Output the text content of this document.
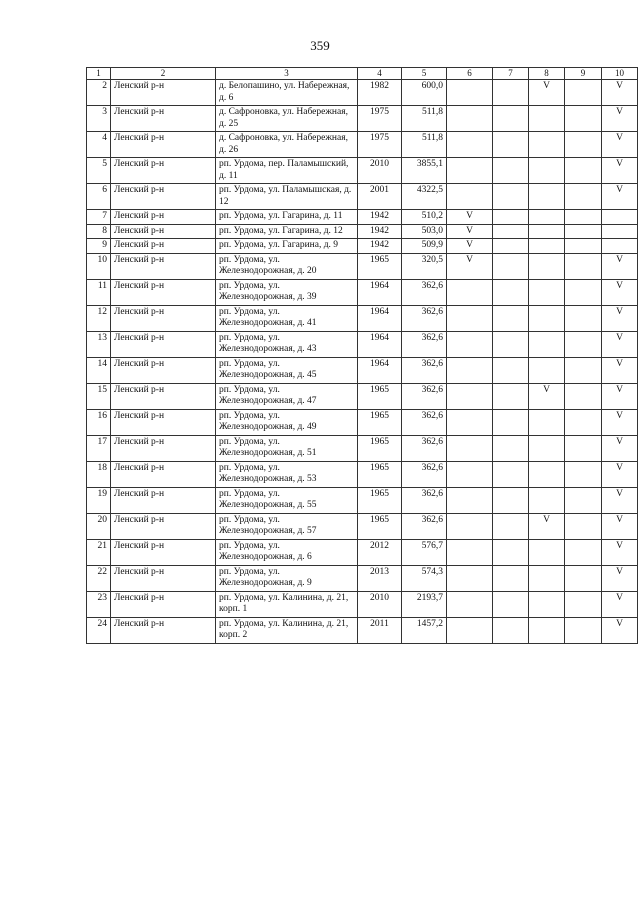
359
1	2	3	4	5	6	7	8	9	10
2	Ленский р-н	д. Белопашино, ул. Набережная, д. 6	1982	600,0			V		V
3	Ленский р-н	д. Сафроновка, ул. Набережная, д. 25	1975	511,8					V
4	Ленский р-н	д. Сафроновка, ул. Набережная, д. 26	1975	511,8					V
5	Ленский р-н	рп. Урдома, пер. Паламышский, д. 11	2010	3855,1					V
6	Ленский р-н	рп. Урдома, ул. Паламышская, д. 12	2001	4322,5					V
7	Ленский р-н	рп. Урдома, ул. Гагарина, д. 11	1942	510,2	V				
8	Ленский р-н	рп. Урдома, ул. Гагарина, д. 12	1942	503,0	V				
9	Ленский р-н	рп. Урдома, ул. Гагарина, д. 9	1942	509,9	V				
10	Ленский р-н	рп. Урдома, ул. Железнодорожная, д. 20	1965	320,5	V				V
11	Ленский р-н	рп. Урдома, ул. Железнодорожная, д. 39	1964	362,6					V
12	Ленский р-н	рп. Урдома, ул. Железнодорожная, д. 41	1964	362,6					V
13	Ленский р-н	рп. Урдома, ул. Железнодорожная, д. 43	1964	362,6					V
14	Ленский р-н	рп. Урдома, ул. Железнодорожная, д. 45	1964	362,6					V
15	Ленский р-н	рп. Урдома, ул. Железнодорожная, д. 47	1965	362,6			V		V
16	Ленский р-н	рп. Урдома, ул. Железнодорожная, д. 49	1965	362,6					V
17	Ленский р-н	рп. Урдома, ул. Железнодорожная, д. 51	1965	362,6					V
18	Ленский р-н	рп. Урдома, ул. Железнодорожная, д. 53	1965	362,6					V
19	Ленский р-н	рп. Урдома, ул. Железнодорожная, д. 55	1965	362,6					V
20	Ленский р-н	рп. Урдома, ул. Железнодорожная, д. 57	1965	362,6			V		V
21	Ленский р-н	рп. Урдома, ул. Железнодорожная, д. 6	2012	576,7					V
22	Ленский р-н	рп. Урдома, ул. Железнодорожная, д. 9	2013	574,3					V
23	Ленский р-н	рп. Урдома, ул. Калинина, д. 21, корп. 1	2010	2193,7					V
24	Ленский р-н	рп. Урдома, ул. Калинина, д. 21, корп. 2	2011	1457,2					V
